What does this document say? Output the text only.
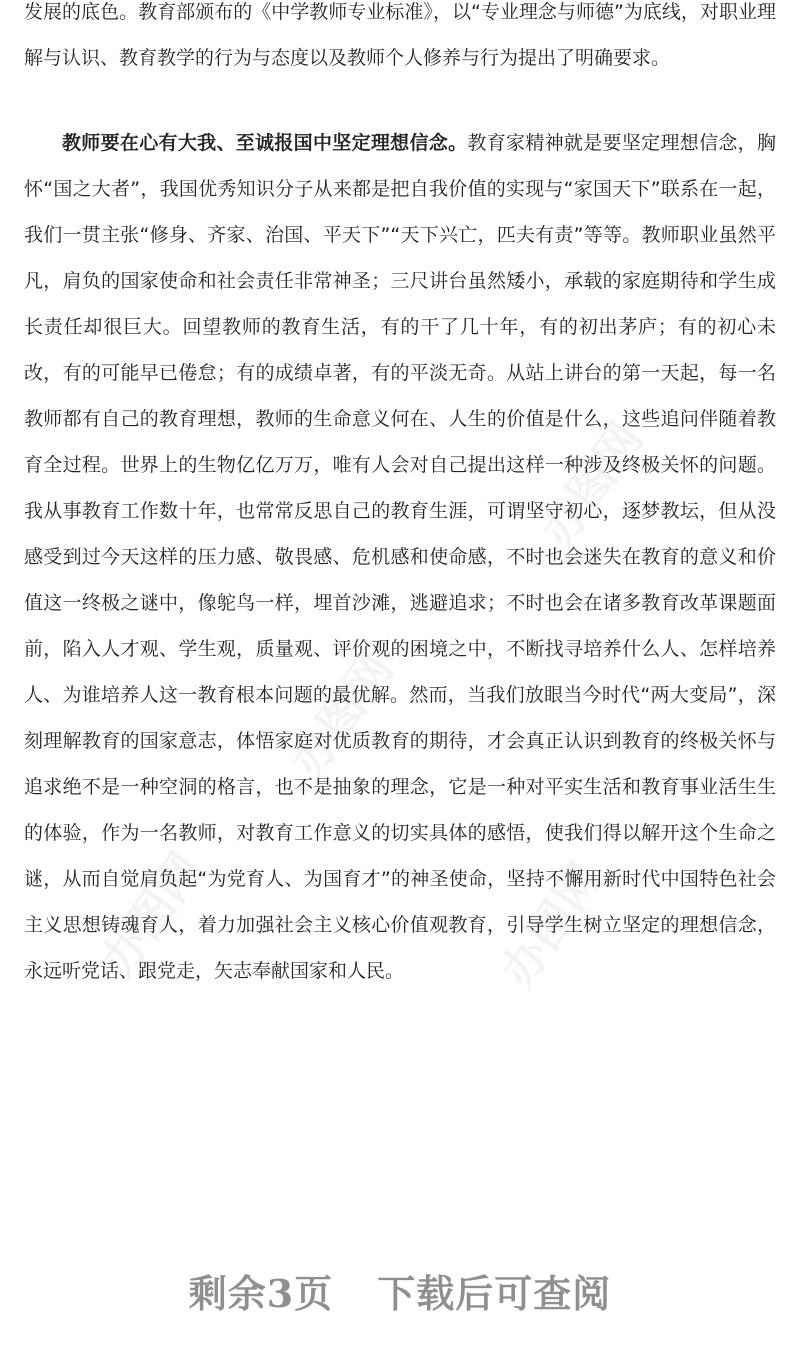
发展的底色。教育部颁布的《中学教师专业标准》，以“专业理念与师德”为底线，对职业理解与认识、教育教学的行为与态度以及教师个人修养与行为提出了明确要求。

教师要在心有大我、至诚报国中坚定理想信念。教育家精神就是要坚定理想信念，胸怀“国之大者”，我国优秀知识分子从来都是把自我价值的实现与“家国天下”联系在一起，我们一贯主张“修身、齐家、治国、平天下”“天下兴亡，匹夫有责”等等。教师职业虽然平凡，肩负的国家使命和社会责任非常神圣；三尺讲台虽然矮小，承载的家庭期待和学生成长责任却很巨大。回望教师的教育生活，有的干了几十年，有的初出茅庐；有的初心未改，有的可能早已倦怠；有的成绩卓著，有的平淡无奇。从站上讲台的第一天起，每一名教师都有自己的教育理想，教师的生命意义何在、人生的价值是什么，这些追问伴随着教育全过程。世界上的生物亿亿万万，唯有人会对自己提出这样一种涉及终极关怀的问题。我从事教育工作数十年，也常常反思自己的教育生涯，可谓坚守初心，逐梦教坛，但从没感受到过今天这样的压力感、敬畏感、危机感和使命感，不时也会迷失在教育的意义和价值这一终极之谜中，像鸵鸟一样，埋首沙滩，逃避追求；不时也会在诸多教育改革课题面前，陷入人才观、学生观，质量观、评价观的困境之中，不断找寻培养什么人、怎样培养人、为谁培养人这一教育根本问题的最优解。然而，当我们放眼当今时代“两大变局”，深刻理解教育的国家意志，体悟家庭对优质教育的期待，才会真正认识到教育的终极关怀与追求绝不是一种空洞的格言，也不是抽象的理念，它是一种对平实生活和教育事业活生生的体验，作为一名教师，对教育工作意义的切实具体的感悟，使我们得以解开这个生命之谜，从而自觉肩负起“为党育人、为国育才”的神圣使命，坚持不懈用新时代中国特色社会主义思想铸魂育人，着力加强社会主义核心价值观教育，引导学生树立坚定的理想信念，永远听党话、跟党走，矢志奉献国家和人民。

剩余3页 下载后可查阅
